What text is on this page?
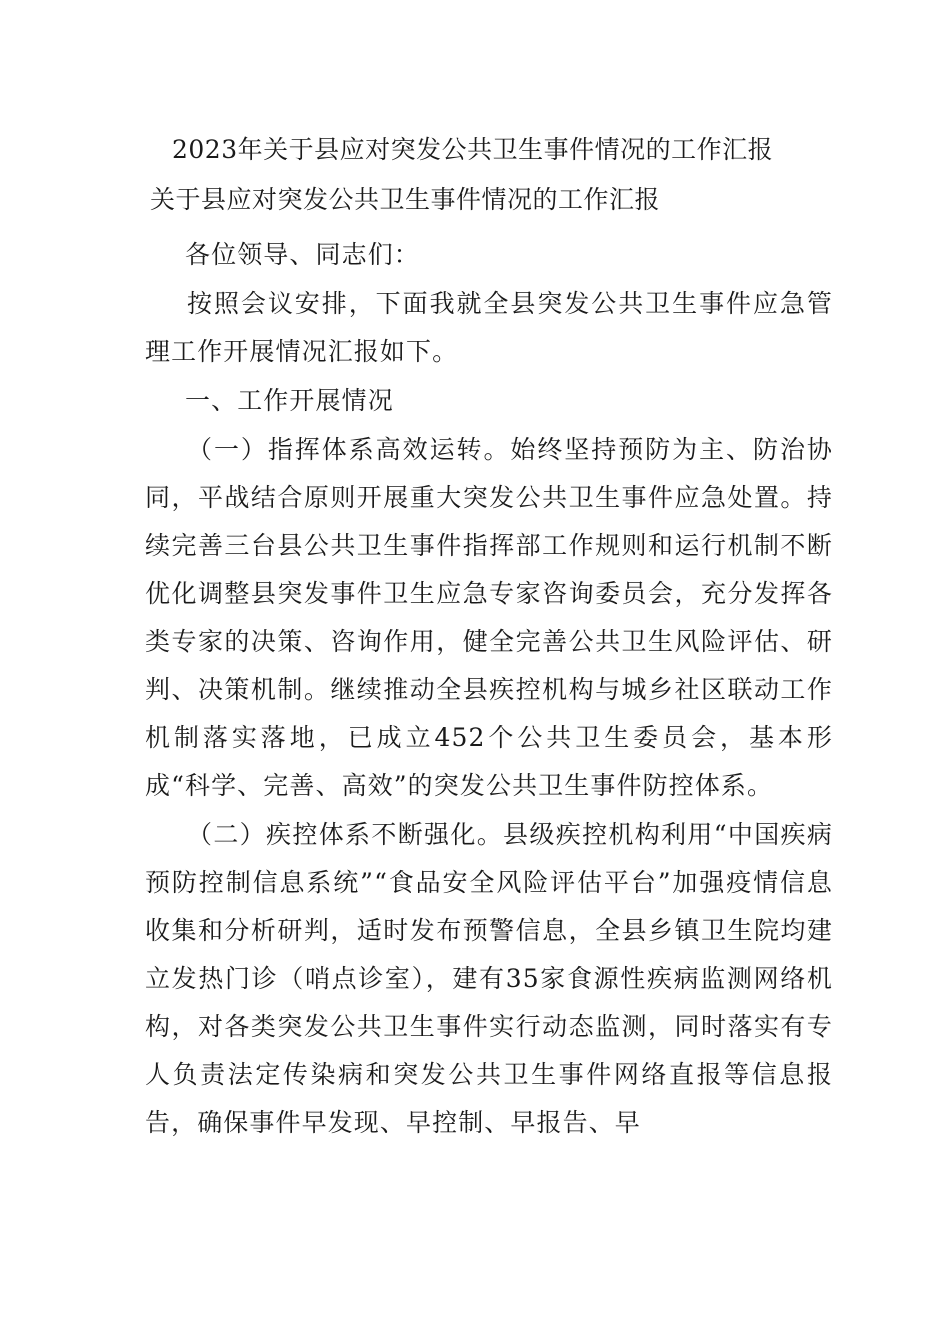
2023年关于县应对突发公共卫生事件情况的工作汇报
关于县应对突发公共卫生事件情况的工作汇报

各位领导、同志们：

按照会议安排，下面我就全县突发公共卫生事件应急管理工作开展情况汇报如下。

一、工作开展情况

（一）指挥体系高效运转。始终坚持预防为主、防治协同，平战结合原则开展重大突发公共卫生事件应急处置。持续完善三台县公共卫生事件指挥部工作规则和运行机制不断优化调整县突发事件卫生应急专家咨询委员会，充分发挥各类专家的决策、咨询作用，健全完善公共卫生风险评估、研判、决策机制。继续推动全县疾控机构与城乡社区联动工作机制落实落地，已成立452个公共卫生委员会，基本形成“科学、完善、高效”的突发公共卫生事件防控体系。

（二）疾控体系不断强化。县级疾控机构利用“中国疾病预防控制信息系统”“食品安全风险评估平台”加强疫情信息收集和分析研判，适时发布预警信息，全县乡镇卫生院均建立发热门诊（哨点诊室），建有35家食源性疾病监测网络机构，对各类突发公共卫生事件实行动态监测，同时落实有专人负责法定传染病和突发公共卫生事件网络直报等信息报告，确保事件早发现、早控制、早报告、早
